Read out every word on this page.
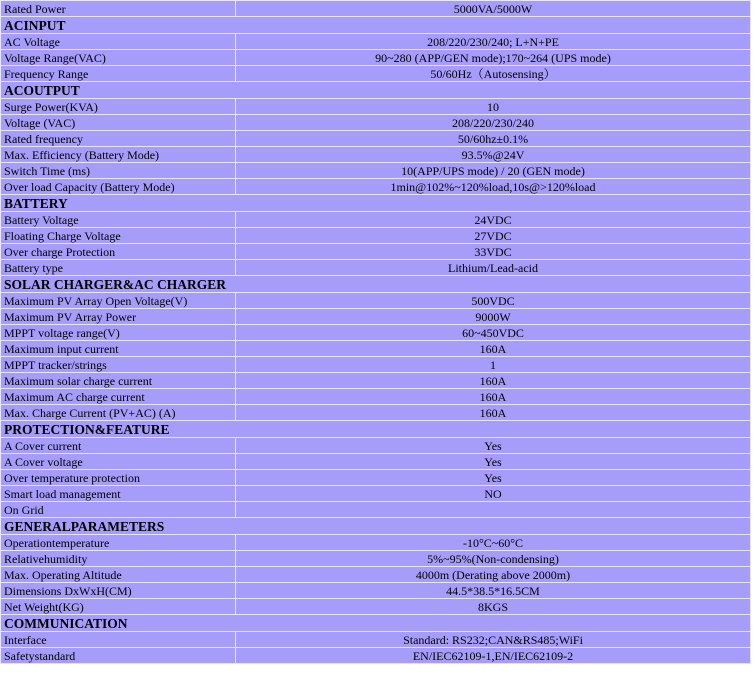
Rated Power	5000VA/5000W
ACINPUT	
AC Voltage	208/220/230/240; L+N+PE
Voltage Range(VAC)	90~280 (APP/GEN mode);170~264 (UPS mode)
Frequency Range	50/60Hz（Autosensing）
ACOUTPUT	
Surge Power(KVA)	10
Voltage (VAC)	208/220/230/240
Rated frequency	50/60hz±0.1%
Max. Efficiency (Battery Mode)	93.5%@24V
Switch Time (ms)	10(APP/UPS mode) / 20 (GEN mode)
Over load Capacity (Battery Mode)	1min@102%~120%load,10s@>120%load
BATTERY	
Battery Voltage	24VDC
Floating Charge Voltage	27VDC
Over charge Protection	33VDC
Battery type	Lithium/Lead-acid
SOLAR CHARGER&AC CHARGER	
Maximum PV Array Open Voltage(V)	500VDC
Maximum PV Array Power	9000W
MPPT voltage range(V)	60~450VDC
Maximum input current	160A
MPPT tracker/strings	1
Maximum solar charge current	160A
Maximum AC charge current	160A
Max. Charge Current (PV+AC) (A)	160A
PROTECTION&FEATURE	
A Cover current	Yes
A Cover voltage	Yes
Over temperature protection	Yes
Smart load management	NO
On Grid	
GENERALPARAMETERS	
Operationtemperature	-10°C~60°C
Relativehumidity	5%~95%(Non-condensing)
Max. Operating Altitude	4000m (Derating above 2000m)
Dimensions DxWxH(CM)	44.5*38.5*16.5CM
Net Weight(KG)	8KGS
COMMUNICATION	
Interface	Standard: RS232;CAN&RS485;WiFi
Safetystandard	EN/IEC62109-1,EN/IEC62109-2
